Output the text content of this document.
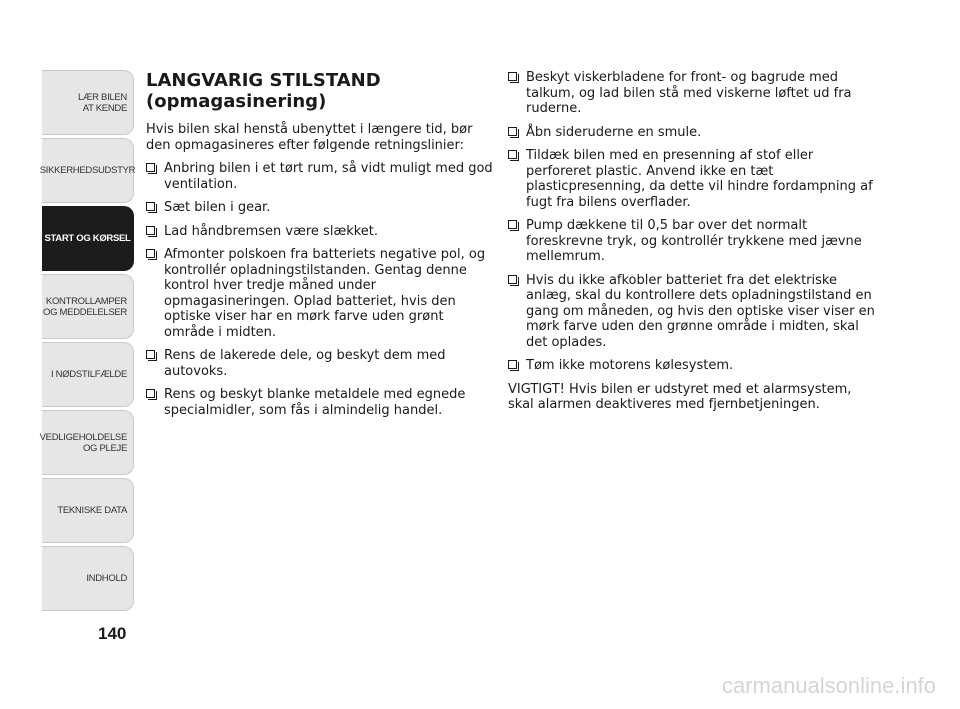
LÆR BILEN
AT KENDE
SIKKERHEDSUDSTYR
START OG KØRSEL
KONTROLLAMPER
OG MEDDELELSER
I NØDSTILFÆLDE
VEDLIGEHOLDELSE
OG PLEJE
TEKNISKE DATA
INDHOLD
140
LANGVARIG STILSTAND
(opmagasinering)

Hvis bilen skal henstå ubenyttet i længere tid, bør den opmagasineres efter følgende retningslinier:

Anbring bilen i et tørt rum, så vidt muligt med god ventilation.
Sæt bilen i gear.
Lad håndbremsen være slækket.
Afmonter polskoen fra batteriets negative pol, og kontrollér opladningstilstanden. Gentag denne kontrol hver tredje måned under opmagasineringen. Oplad batteriet, hvis den optiske viser har en mørk farve uden grønt område i midten.
Rens de lakerede dele, og beskyt dem med autovoks.
Rens og beskyt blanke metaldele med egnede specialmidler, som fås i almindelig handel.
Beskyt viskerbladene for front- og bagrude med talkum, og lad bilen stå med viskerne løftet ud fra ruderne.
Åbn sideruderne en smule.
Tildæk bilen med en presenning af stof eller perforeret plastic. Anvend ikke en tæt plasticpresenning, da dette vil hindre fordampning af fugt fra bilens overflader.
Pump dækkene til 0,5 bar over det normalt foreskrevne tryk, og kontrollér trykkene med jævne mellemrum.
Hvis du ikke afkobler batteriet fra det elektriske anlæg, skal du kontrollere dets opladningstilstand en gang om måneden, og hvis den optiske viser viser en mørk farve uden den grønne område i midten, skal det oplades.
Tøm ikke motorens kølesystem.

VIGTIGT! Hvis bilen er udstyret med et alarmsystem, skal alarmen deaktiveres med fjernbetjeningen.

carmanualsonline.info
